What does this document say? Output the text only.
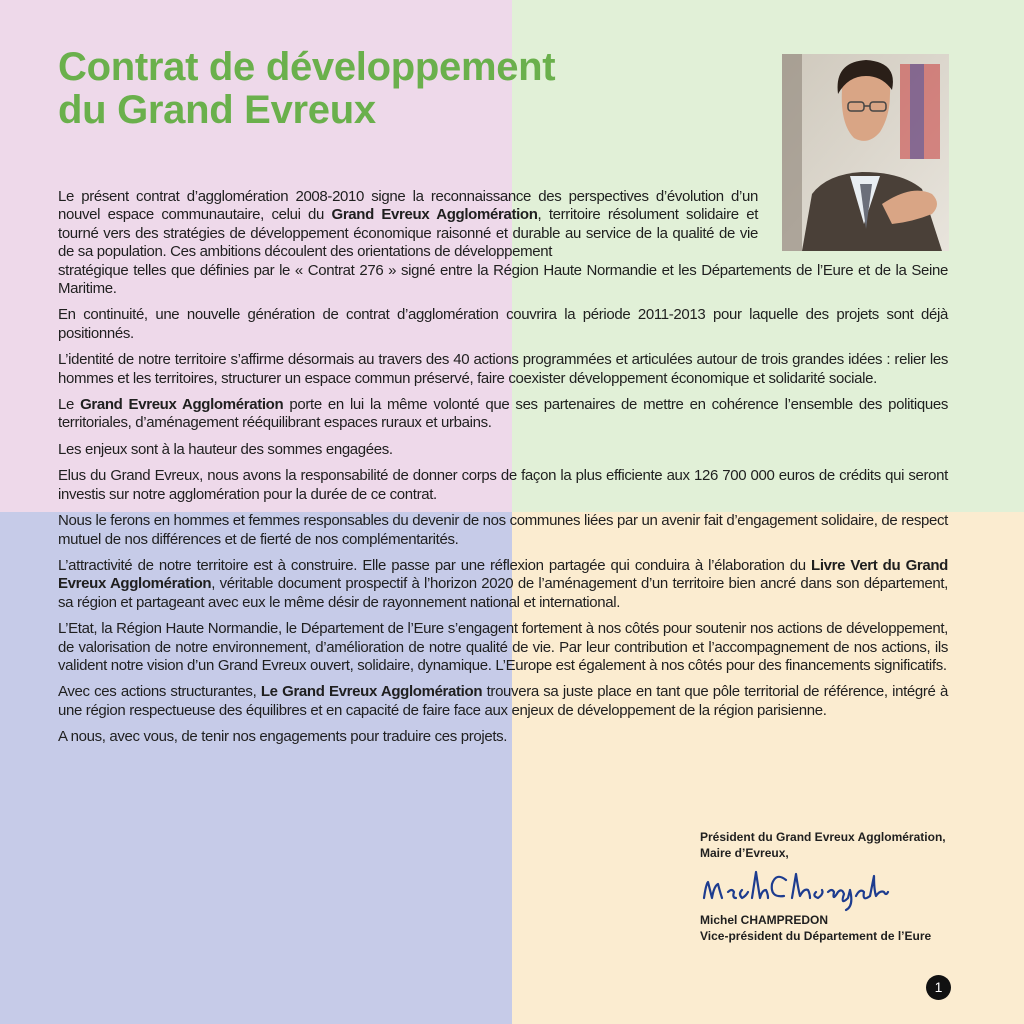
Contrat de développement
du Grand Evreux

Le présent contrat d’agglomération 2008-2010 signe la reconnaissance des perspectives d’évolution d’un nouvel espace communautaire, celui du Grand Evreux Agglomération, territoire résolument solidaire et tourné vers des stratégies de développement économique raisonné et durable au service de la qualité de vie de sa population. Ces ambitions découlent des orientations de développement

stratégique telles que définies par le « Contrat 276 » signé entre la Région Haute Normandie et les Départements de l’Eure et de la Seine Maritime.

En continuité, une nouvelle génération de contrat d’agglomération couvrira la période 2011-2013 pour laquelle des projets sont déjà positionnés.

L’identité de notre territoire s’affirme désormais au travers des 40 actions programmées et articulées autour de trois grandes idées : relier les hommes et les territoires, structurer un espace commun préservé, faire coexister développement économique et solidarité sociale.

Le Grand Evreux Agglomération porte en lui la même volonté que ses partenaires de mettre en cohérence l’ensemble des politiques territoriales, d’aménagement rééquilibrant espaces ruraux et urbains.

Les enjeux sont à la hauteur des sommes engagées.

Elus du Grand Evreux, nous avons la responsabilité de donner corps de façon la plus efficiente aux 126 700 000 euros de crédits qui seront investis sur notre agglomération pour la durée de ce contrat.

Nous le ferons en hommes et femmes responsables du devenir de nos communes liées par un avenir fait d’engagement solidaire, de respect mutuel de nos différences et de fierté de nos complémentarités.

L’attractivité de notre territoire est à construire. Elle passe par une réflexion partagée qui conduira à l’élaboration du Livre Vert du Grand Evreux Agglomération, véritable document prospectif à l’horizon 2020 de l’aménagement d’un territoire bien ancré dans son département, sa région et partageant avec eux le même désir de rayonnement national et international.

L’Etat, la Région Haute Normandie, le Département de l’Eure s’engagent fortement à nos côtés pour soutenir nos actions de développement, de valorisation de notre environnement, d’amélioration de notre qualité de vie. Par leur contribution et l’accompagnement de nos actions, ils valident notre vision d’un Grand Evreux ouvert, solidaire, dynamique. L’Europe est également à nos côtés pour des financements significatifs.

Avec ces actions structurantes, Le Grand Evreux Agglomération trouvera sa juste place en tant que pôle territorial de référence, intégré à une région respectueuse des équilibres et en capacité de faire face aux enjeux de développement de la région parisienne.

A nous, avec vous, de tenir nos engagements pour traduire ces projets.

Président du Grand Evreux Agglomération,
Maire d’Evreux,
Michel CHAMPREDON
Vice-président du Département de l’Eure
1
